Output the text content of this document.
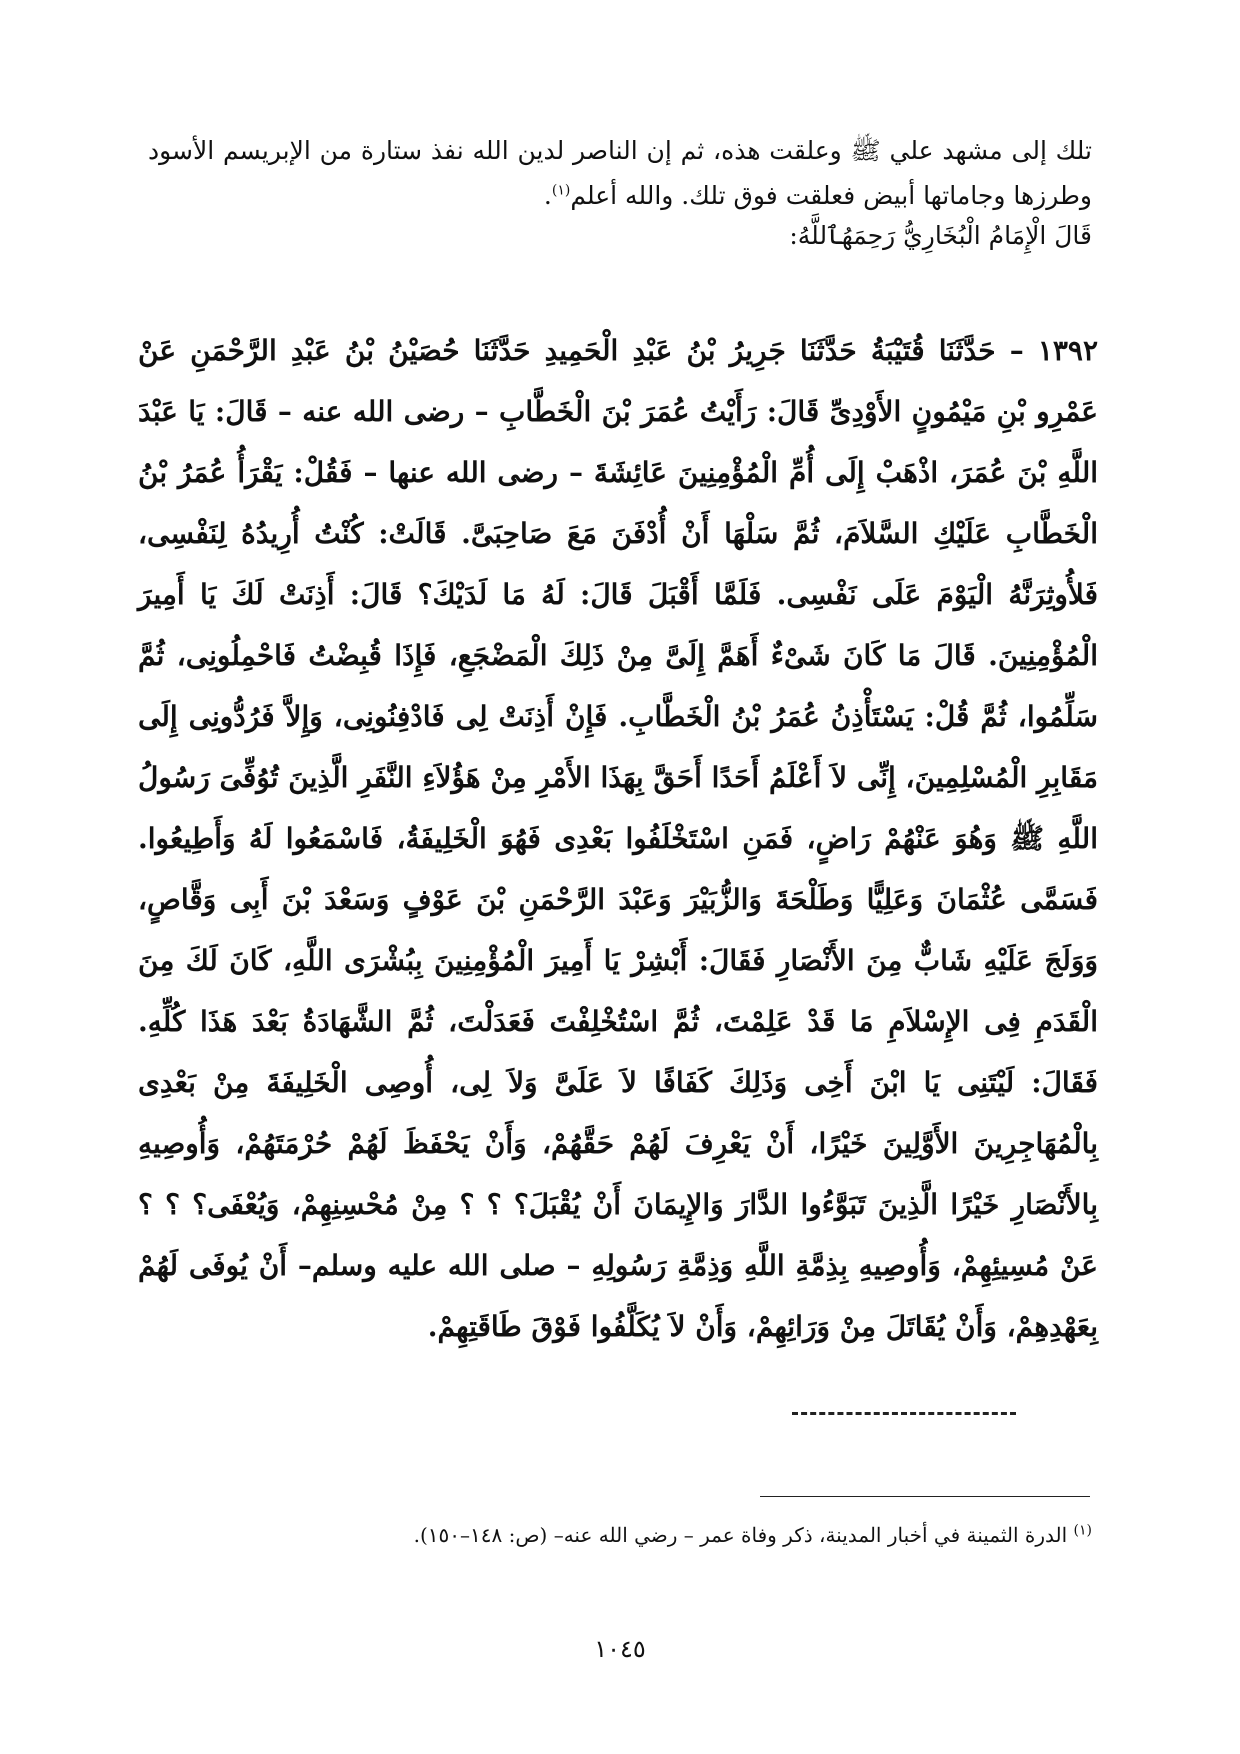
تلك إلى مشهد علي ﷺ وعلقت هذه، ثم إن الناصر لدين الله نفذ ستارة من الإبريسم الأسود وطرزها وجاماتها أبيض فعلقت فوق تلك. والله أعلم$^{(١)}$.

قَالَ الْإِمَامُ الْبُخَارِيُّ رَحِمَهُٱللَّهُ:
١٣٩٢ – حَدَّثَنَا قُتَيْبَةُ حَدَّثَنَا جَرِيرُ بْنُ عَبْدِ الْحَمِيدِ حَدَّثَنَا حُصَيْنُ بْنُ عَبْدِ الرَّحْمَنِ عَنْ عَمْرِو بْنِ مَيْمُونٍ الأَوْدِىِّ قَالَ: رَأَيْتُ عُمَرَ بْنَ الْخَطَّابِ – رضى الله عنه – قَالَ: يَا عَبْدَ اللَّهِ بْنَ عُمَرَ، اذْهَبْ إِلَى أُمِّ الْمُؤْمِنِينَ عَائِشَةَ – رضى الله عنها – فَقُلْ: يَقْرَأُ عُمَرُ بْنُ الْخَطَّابِ عَلَيْكِ السَّلاَمَ، ثُمَّ سَلْهَا أَنْ أُدْفَنَ مَعَ صَاحِبَىَّ. قَالَتْ: كُنْتُ أُرِيدُهُ لِنَفْسِى، فَلأُوثِرَنَّهُ الْيَوْمَ عَلَى نَفْسِى. فَلَمَّا أَقْبَلَ قَالَ: لَهُ مَا لَدَيْكَ؟ قَالَ: أَذِنَتْ لَكَ يَا أَمِيرَ الْمُؤْمِنِينَ. قَالَ مَا كَانَ شَىْءٌ أَهَمَّ إِلَىَّ مِنْ ذَلِكَ الْمَضْجَعِ، فَإِذَا قُبِضْتُ فَاحْمِلُونِى، ثُمَّ سَلِّمُوا، ثُمَّ قُلْ: يَسْتَأْذِنُ عُمَرُ بْنُ الْخَطَّابِ. فَإِنْ أَذِنَتْ لِى فَادْفِنُونِى، وَإِلاَّ فَرُدُّونِى إِلَى مَقَابِرِ الْمُسْلِمِينَ، إِنِّى لاَ أَعْلَمُ أَحَدًا أَحَقَّ بِهَذَا الأَمْرِ مِنْ هَؤُلاَءِ النَّفَرِ الَّذِينَ تُوُفِّىَ رَسُولُ اللَّهِ ﷺ وَهُوَ عَنْهُمْ رَاضٍ، فَمَنِ اسْتَخْلَفُوا بَعْدِى فَهُوَ الْخَلِيفَةُ، فَاسْمَعُوا لَهُ وَأَطِيعُوا. فَسَمَّى عُثْمَانَ وَعَلِيًّا وَطَلْحَةَ وَالزُّبَيْرَ وَعَبْدَ الرَّحْمَنِ بْنَ عَوْفٍ وَسَعْدَ بْنَ أَبِى وَقَّاصٍ، وَوَلَجَ عَلَيْهِ شَابٌّ مِنَ الأَنْصَارِ فَقَالَ: أَبْشِرْ يَا أَمِيرَ الْمُؤْمِنِينَ بِبُشْرَى اللَّهِ، كَانَ لَكَ مِنَ الْقَدَمِ فِى الإِسْلاَمِ مَا قَدْ عَلِمْتَ، ثُمَّ اسْتُخْلِفْتَ فَعَدَلْتَ، ثُمَّ الشَّهَادَةُ بَعْدَ هَذَا كُلِّهِ. فَقَالَ: لَيْتَنِى يَا ابْنَ أَخِى وَذَلِكَ كَفَافًا لاَ عَلَىَّ وَلاَ لِى، أُوصِى الْخَلِيفَةَ مِنْ بَعْدِى بِالْمُهَاجِرِينَ الأَوَّلِينَ خَيْرًا، أَنْ يَعْرِفَ لَهُمْ حَقَّهُمْ، وَأَنْ يَحْفَظَ لَهُمْ حُرْمَتَهُمْ، وَأُوصِيهِ بِالأَنْصَارِ خَيْرًا الَّذِينَ تَبَوَّءُوا الدَّارَ وَالإِيمَانَ أَنْ يُقْبَلَ؟ ؟ ؟ مِنْ مُحْسِنِهِمْ، وَيُعْفَى؟ ؟ ؟ عَنْ مُسِيئِهِمْ، وَأُوصِيهِ بِذِمَّةِ اللَّهِ وَذِمَّةِ رَسُولِهِ – صلى الله عليه وسلم– أَنْ يُوفَى لَهُمْ بِعَهْدِهِمْ، وَأَنْ يُقَاتَلَ مِنْ وَرَائِهِمْ، وَأَنْ لاَ يُكَلَّفُوا فَوْقَ طَاقَتِهِمْ.
$^{(١)}$ الدرة الثمينة في أخبار المدينة، ذكر وفاة عمر – رضي الله عنه– (ص: ١٤٨–١٥٠).
١٠٤٥
